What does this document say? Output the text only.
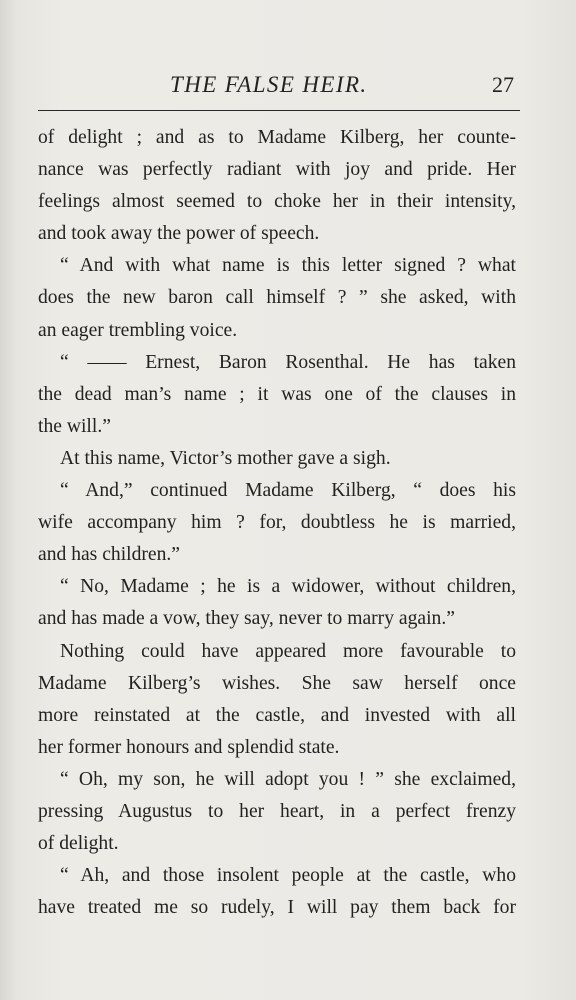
THE FALSE HEIR.	27
of delight ; and as to Madame Kilberg, her counte-
nance was perfectly radiant with joy and pride. Her
feelings almost seemed to choke her in their intensity,
and took away the power of speech.
“ And with what name is this letter signed ? what
does the new baron call himself ? ” she asked, with
an eager trembling voice.
“ —— Ernest, Baron Rosenthal. He has taken
the dead man’s name ; it was one of the clauses in
the will.”
At this name, Victor’s mother gave a sigh.
“ And,” continued Madame Kilberg, “ does his
wife accompany him ? for, doubtless he is married,
and has children.”
“ No, Madame ; he is a widower, without children,
and has made a vow, they say, never to marry again.”
Nothing could have appeared more favourable to
Madame Kilberg’s wishes. She saw herself once
more reinstated at the castle, and invested with all
her former honours and splendid state.
“ Oh, my son, he will adopt you ! ” she exclaimed,
pressing Augustus to her heart, in a perfect frenzy
of delight.
“ Ah, and those insolent people at the castle, who
have treated me so rudely, I will pay them back for
